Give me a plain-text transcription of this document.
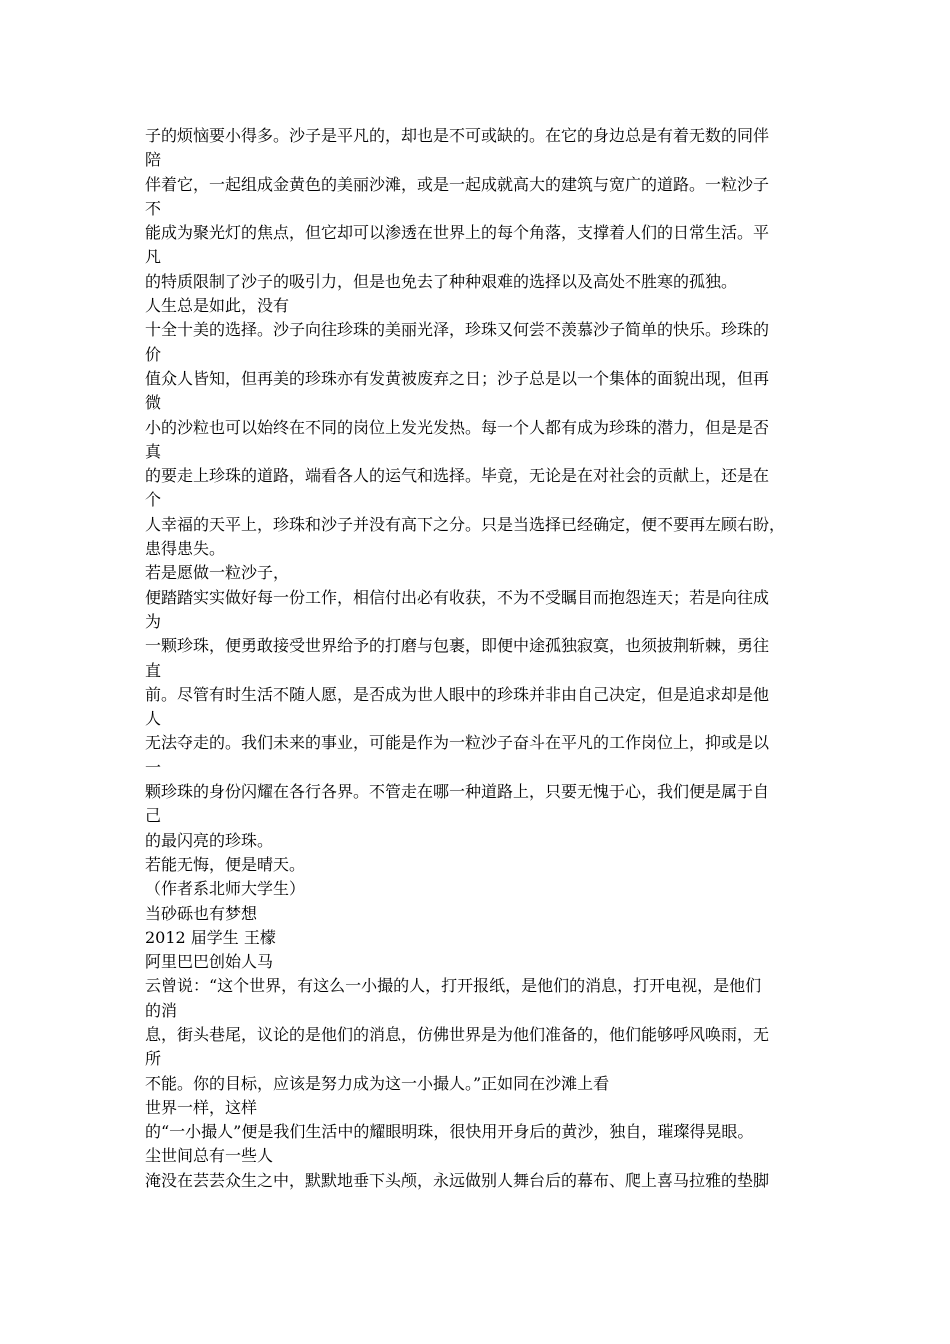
子的烦恼要小得多。沙子是平凡的，却也是不可或缺的。在它的身边总是有着无数的同伴
陪
伴着它，一起组成金黄色的美丽沙滩，或是一起成就高大的建筑与宽广的道路。一粒沙子
不
能成为聚光灯的焦点，但它却可以渗透在世界上的每个角落，支撑着人们的日常生活。平
凡
的特质限制了沙子的吸引力，但是也免去了种种艰难的选择以及高处不胜寒的孤独。
人生总是如此，没有
十全十美的选择。沙子向往珍珠的美丽光泽，珍珠又何尝不羡慕沙子简单的快乐。珍珠的
价
值众人皆知，但再美的珍珠亦有发黄被废弃之日；沙子总是以一个集体的面貌出现，但再
微
小的沙粒也可以始终在不同的岗位上发光发热。每一个人都有成为珍珠的潜力，但是是否
真
的要走上珍珠的道路，端看各人的运气和选择。毕竟，无论是在对社会的贡献上，还是在
个
人幸福的天平上，珍珠和沙子并没有高下之分。只是当选择已经确定，便不要再左顾右盼，
患得患失。
若是愿做一粒沙子，
便踏踏实实做好每一份工作，相信付出必有收获，不为不受瞩目而抱怨连天；若是向往成
为
一颗珍珠，便勇敢接受世界给予的打磨与包裹，即便中途孤独寂寞，也须披荆斩棘，勇往
直
前。尽管有时生活不随人愿，是否成为世人眼中的珍珠并非由自己决定，但是追求却是他
人
无法夺走的。我们未来的事业，可能是作为一粒沙子奋斗在平凡的工作岗位上，抑或是以
一
颗珍珠的身份闪耀在各行各界。不管走在哪一种道路上，只要无愧于心，我们便是属于自
己
的最闪亮的珍珠。
若能无悔，便是晴天。
（作者系北师大学生）
当砂砾也有梦想
2012 届学生 王檬
阿里巴巴创始人马
云曾说：“这个世界，有这么一小撮的人，打开报纸，是他们的消息，打开电视，是他们
的消
息，街头巷尾，议论的是他们的消息，仿佛世界是为他们准备的，他们能够呼风唤雨，无
所
不能。你的目标，应该是努力成为这一小撮人。”正如同在沙滩上看
世界一样，这样
的“一小撮人”便是我们生活中的耀眼明珠，很快用开身后的黄沙，独自，璀璨得晃眼。
尘世间总有一些人
淹没在芸芸众生之中，默默地垂下头颅，永远做别人舞台后的幕布、爬上喜马拉雅的垫脚
